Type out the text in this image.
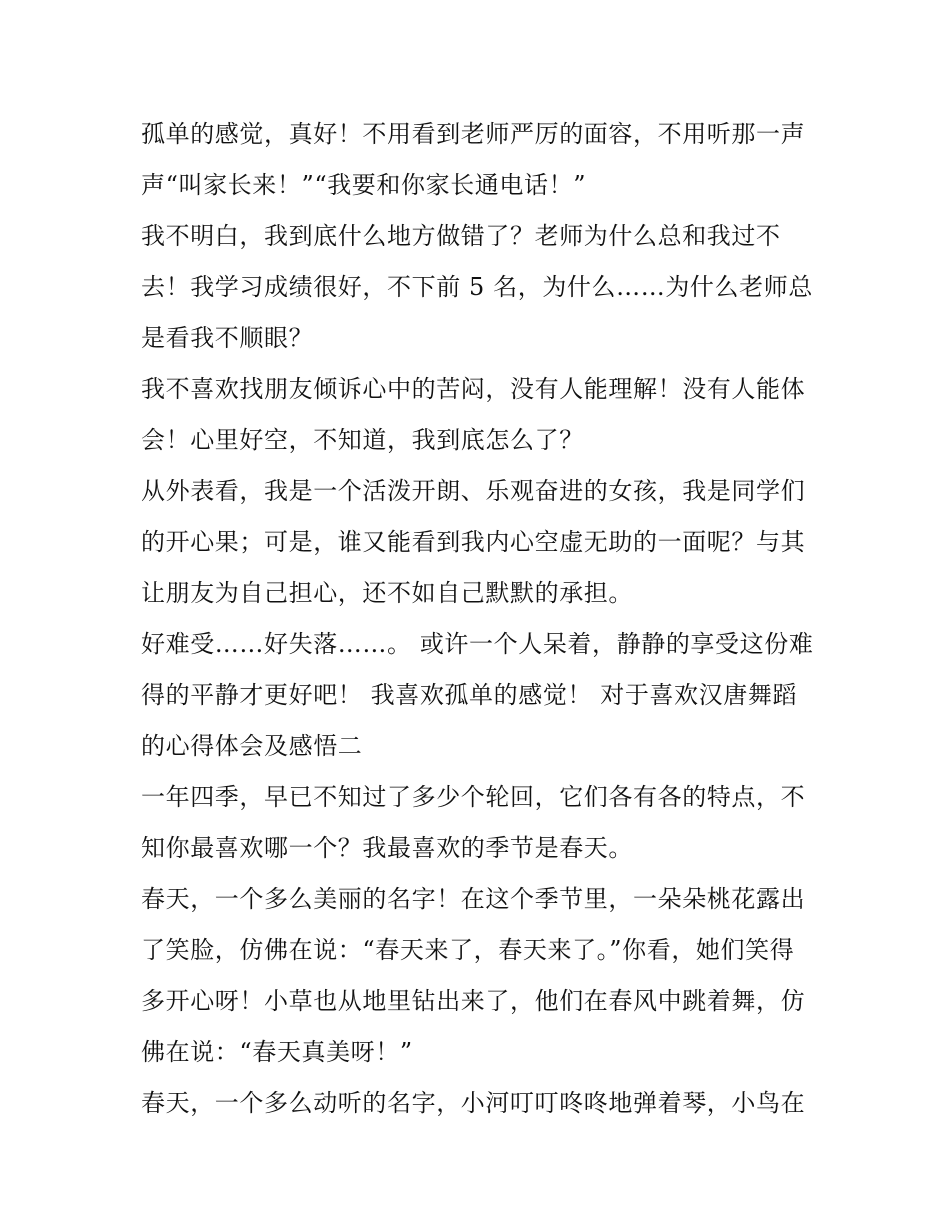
孤单的感觉，真好！不用看到老师严厉的面容，不用听那一声
声“叫家长来！”“我要和你家长通电话！”
我不明白，我到底什么地方做错了？老师为什么总和我过不
去！我学习成绩很好，不下前 5 名，为什么……为什么老师总
是看我不顺眼？
我不喜欢找朋友倾诉心中的苦闷，没有人能理解！没有人能体
会！心里好空，不知道，我到底怎么了？
从外表看，我是一个活泼开朗、乐观奋进的女孩，我是同学们
的开心果；可是，谁又能看到我内心空虚无助的一面呢？与其
让朋友为自己担心，还不如自己默默的承担。
好难受……好失落……。 或许一个人呆着，静静的享受这份难
得的平静才更好吧！ 我喜欢孤单的感觉！ 对于喜欢汉唐舞蹈
的心得体会及感悟二
一年四季，早已不知过了多少个轮回，它们各有各的特点，不
知你最喜欢哪一个？我最喜欢的季节是春天。
春天，一个多么美丽的名字！在这个季节里，一朵朵桃花露出
了笑脸，仿佛在说：“春天来了，春天来了。”你看，她们笑得
多开心呀！小草也从地里钻出来了，他们在春风中跳着舞，仿
佛在说：“春天真美呀！”
春天，一个多么动听的名字，小河叮叮咚咚地弹着琴，小鸟在
